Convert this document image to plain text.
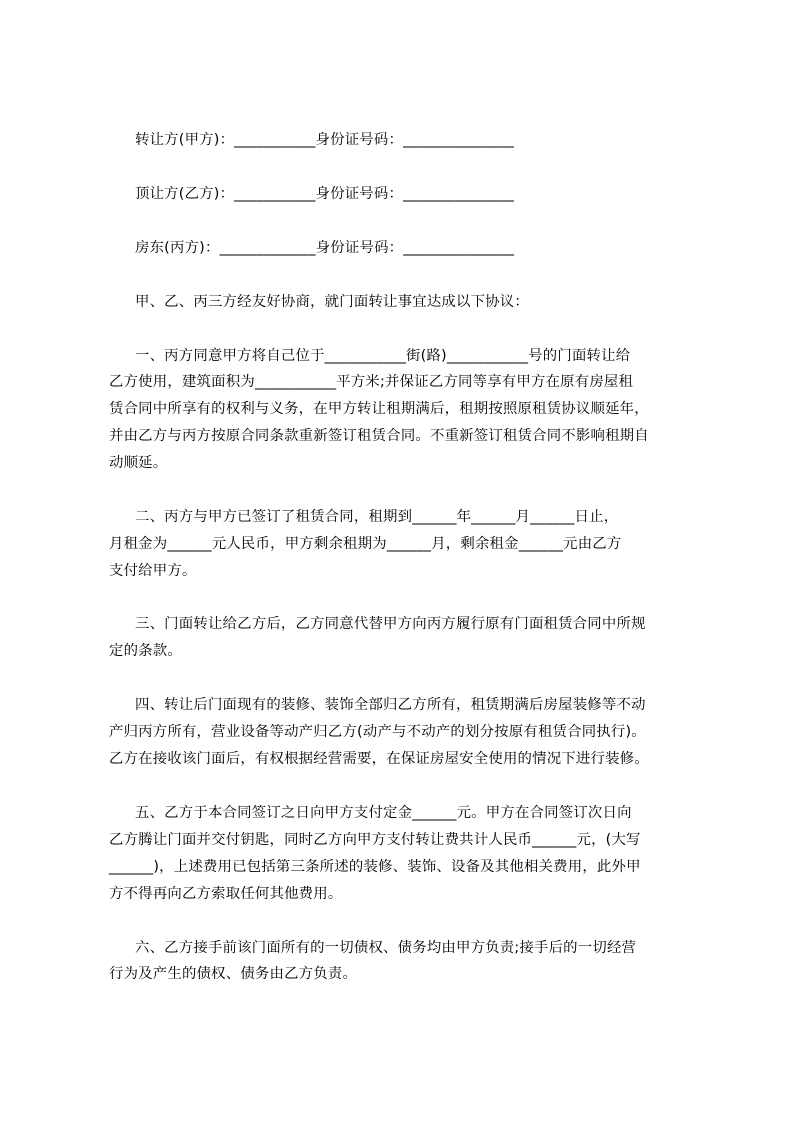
转让方(甲方)：___________身份证号码：_______________
顶让方(乙方)：___________身份证号码：_______________
房东(丙方)：_____________身份证号码：_______________
甲、乙、丙三方经友好协商，就门面转让事宜达成以下协议：
一、丙方同意甲方将自己位于___________街(路)___________号的门面转让给
乙方使用，建筑面积为___________平方米;并保证乙方同等享有甲方在原有房屋租
赁合同中所享有的权利与义务，在甲方转让租期满后，租期按照原租赁协议顺延年，
并由乙方与丙方按原合同条款重新签订租赁合同。不重新签订租赁合同不影响租期自
动顺延。
二、丙方与甲方已签订了租赁合同，租期到______年______月______日止，
月租金为______元人民币，甲方剩余租期为______月，剩余租金______元由乙方
支付给甲方。
三、门面转让给乙方后，乙方同意代替甲方向丙方履行原有门面租赁合同中所规
定的条款。
四、转让后门面现有的装修、装饰全部归乙方所有，租赁期满后房屋装修等不动
产归丙方所有，营业设备等动产归乙方(动产与不动产的划分按原有租赁合同执行)。
乙方在接收该门面后，有权根据经营需要，在保证房屋安全使用的情况下进行装修。
五、乙方于本合同签订之日向甲方支付定金______元。甲方在合同签订次日向
乙方腾让门面并交付钥匙，同时乙方向甲方支付转让费共计人民币______元，(大写
______)，上述费用已包括第三条所述的装修、装饰、设备及其他相关费用，此外甲
方不得再向乙方索取任何其他费用。
六、乙方接手前该门面所有的一切债权、债务均由甲方负责;接手后的一切经营
行为及产生的债权、债务由乙方负责。
